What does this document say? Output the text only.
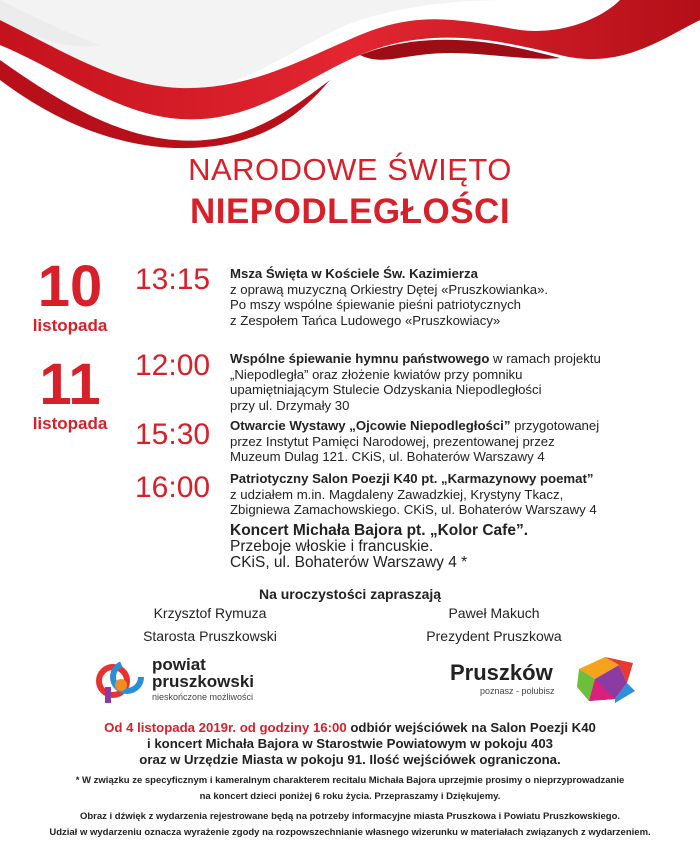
NARODOWE ŚWIĘTO
NIEPODLEGŁOŚCI
10
listopada
11
listopada
13:15 Msza Święta w Kościele Św. Kazimierza
z oprawą muzyczną Orkiestry Dętej «Pruszkowianka».
Po mszy wspólne śpiewanie pieśni patriotycznych
z Zespołem Tańca Ludowego «Pruszkowiacy»
12:00 Wspólne śpiewanie hymnu państwowego w ramach projektu
„Niepodległa” oraz złożenie kwiatów przy pomniku
upamiętniającym Stulecie Odzyskania Niepodległości
przy ul. Drzymały 30
15:30 Otwarcie Wystawy „Ojcowie Niepodległości” przygotowanej
przez Instytut Pamięci Narodowej, prezentowanej przez
Muzeum Dulag 121. CKiS, ul. Bohaterów Warszawy 4
16:00 Patriotyczny Salon Poezji K40 pt. „Karmazynowy poemat”
z udziałem m.in. Magdaleny Zawadzkiej, Krystyny Tkacz,
Zbigniewa Zamachowskiego. CKiS, ul. Bohaterów Warszawy 4
Koncert Michała Bajora pt. „Kolor Cafe”.
Przeboje włoskie i francuskie.
CKiS, ul. Bohaterów Warszawy 4 *
Na uroczystości zapraszają
Krzysztof Rymuza
Starosta Pruszkowski
Paweł Makuch
Prezydent Pruszkowa
powiat
pruszkowski
nieskończone możliwości
Pruszków
poznasz - polubisz
Od 4 listopada 2019r. od godziny 16:00 odbiór wejściówek na Salon Poezji K40
i koncert Michała Bajora w Starostwie Powiatowym w pokoju 403
oraz w Urzędzie Miasta w pokoju 91. Ilość wejściówek ograniczona.
* W związku ze specyficznym i kameralnym charakterem recitalu Michała Bajora uprzejmie prosimy o nieprzyprowadzanie
na koncert dzieci poniżej 6 roku życia. Przepraszamy i Dziękujemy.
Obraz i dźwięk z wydarzenia rejestrowane będą na potrzeby informacyjne miasta Pruszkowa i Powiatu Pruszkowskiego.
Udział w wydarzeniu oznacza wyrażenie zgody na rozpowszechnianie własnego wizerunku w materiałach związanych z wydarzeniem.
